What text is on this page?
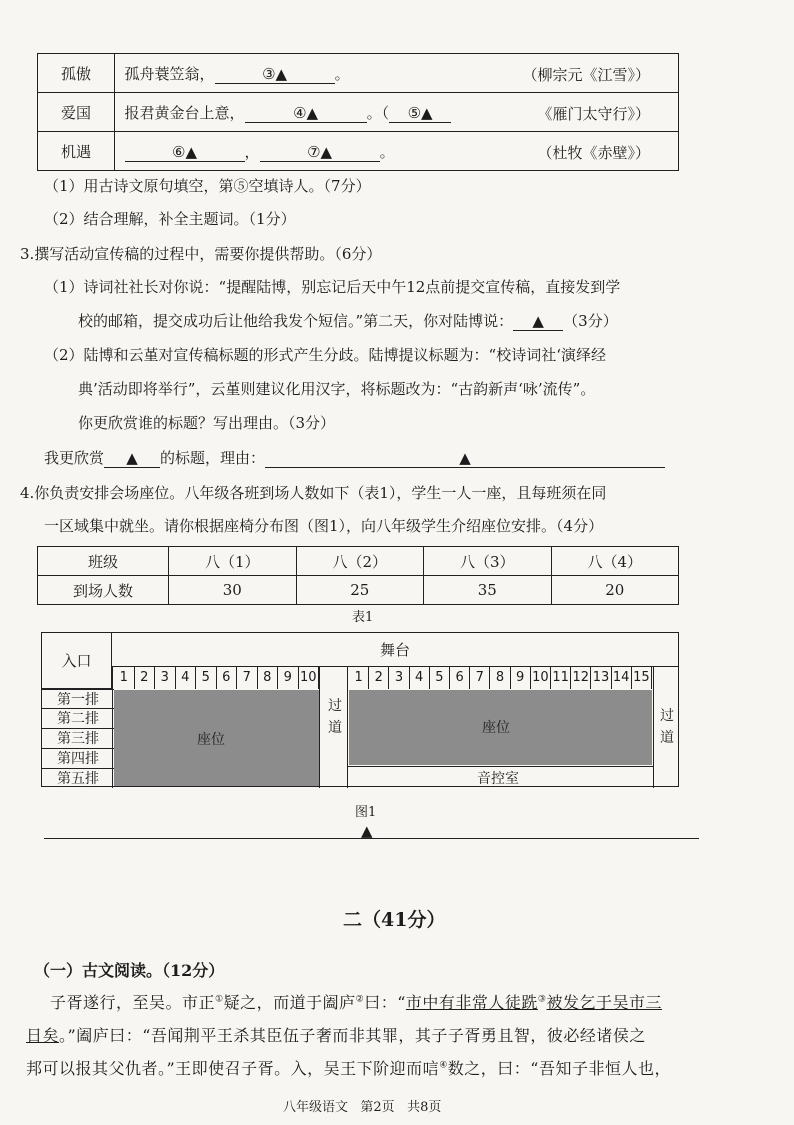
孤傲	孤舟蓑笠翁， ③▲ 。 （柳宗元《江雪》）

爱国	报君黄金台上意， ④▲ 。（ ⑤▲ 《雁门太守行》）

机遇	⑥▲ ， ⑦▲ 。 （杜牧《赤壁》）
（1）用古诗文原句填空，第⑤空填诗人。（7分）
（2）结合理解，补全主题词。（1分）
3.撰写活动宣传稿的过程中，需要你提供帮助。（6分）
（1）诗词社社长对你说：“提醒陆博，别忘记后天中午12点前提交宣传稿，直接发到学
校的邮箱，提交成功后让他给我发个短信。”第二天，你对陆博说： ▲ （3分）
（2）陆博和云堇对宣传稿标题的形式产生分歧。陆博提议标题为：“校诗词社‘演绎经
典’活动即将举行”，云堇则建议化用汉字，将标题改为：“古韵新声‘咏’流传”。
你更欣赏谁的标题？写出理由。（3分）
我更欣赏 ▲ 的标题，理由：	▲
4.你负责安排会场座位。八年级各班到场人数如下（表1），学生一人一座，且每班须在同
一区域集中就坐。请你根据座椅分布图（图1），向八年级学生介绍座位安排。（4分）
班级	八（1）	八（2）	八（3）	八（4）
到场人数	30	25	35	20
表1
入口
舞台
第一排
第二排
第三排
第四排
第五排
座位
过道	座位
音控室
过道
1 2 3 4 5 6 7 8 9 10	1 2 3 4 5 6 7 8 9 10 11 12 13 14 15
图1
▲
二（41分）
（一）古文阅读。（12分）
子胥遂行，至吴。市正①疑之，而道于阖庐②曰：“市中有非常人徒跣③被发乞于吴市三
日矣。”阖庐曰：“吾闻荆平王杀其臣伍子奢而非其罪，其子子胥勇且智，彼必经诸侯之
邦可以报其父仇者。”王即使召子胥。入，吴王下阶迎而唁④数之，曰：“吾知子非恒人也，
八年级语文   第2页   共8页
